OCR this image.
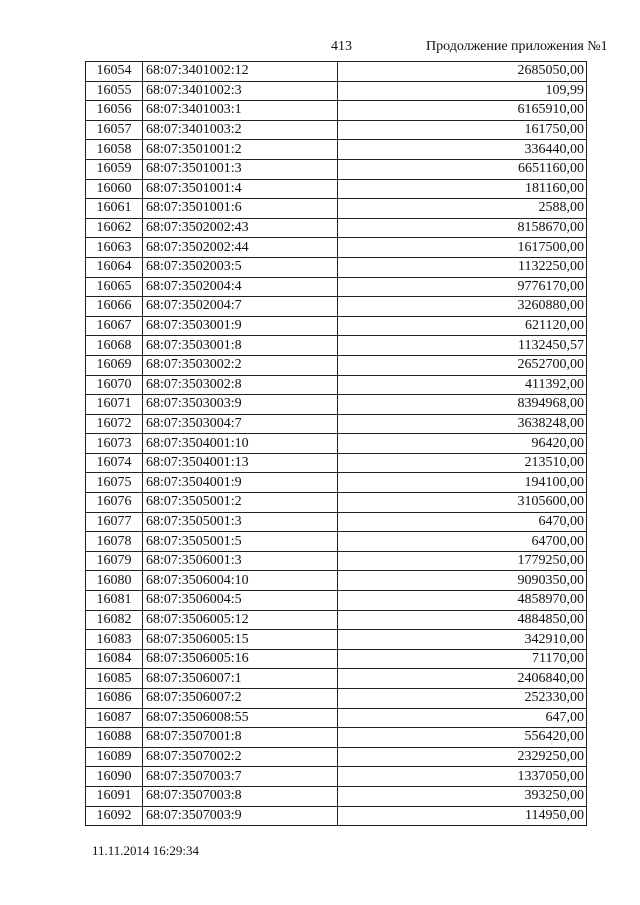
413	Продолжение приложения №1
16054	68:07:3401002:12	2685050,00
16055	68:07:3401002:3	109,99
16056	68:07:3401003:1	6165910,00
16057	68:07:3401003:2	161750,00
16058	68:07:3501001:2	336440,00
16059	68:07:3501001:3	6651160,00
16060	68:07:3501001:4	181160,00
16061	68:07:3501001:6	2588,00
16062	68:07:3502002:43	8158670,00
16063	68:07:3502002:44	1617500,00
16064	68:07:3502003:5	1132250,00
16065	68:07:3502004:4	9776170,00
16066	68:07:3502004:7	3260880,00
16067	68:07:3503001:9	621120,00
16068	68:07:3503001:8	1132450,57
16069	68:07:3503002:2	2652700,00
16070	68:07:3503002:8	411392,00
16071	68:07:3503003:9	8394968,00
16072	68:07:3503004:7	3638248,00
16073	68:07:3504001:10	96420,00
16074	68:07:3504001:13	213510,00
16075	68:07:3504001:9	194100,00
16076	68:07:3505001:2	3105600,00
16077	68:07:3505001:3	6470,00
16078	68:07:3505001:5	64700,00
16079	68:07:3506001:3	1779250,00
16080	68:07:3506004:10	9090350,00
16081	68:07:3506004:5	4858970,00
16082	68:07:3506005:12	4884850,00
16083	68:07:3506005:15	342910,00
16084	68:07:3506005:16	71170,00
16085	68:07:3506007:1	2406840,00
16086	68:07:3506007:2	252330,00
16087	68:07:3506008:55	647,00
16088	68:07:3507001:8	556420,00
16089	68:07:3507002:2	2329250,00
16090	68:07:3507003:7	1337050,00
16091	68:07:3507003:8	393250,00
16092	68:07:3507003:9	114950,00
11.11.2014 16:29:34
